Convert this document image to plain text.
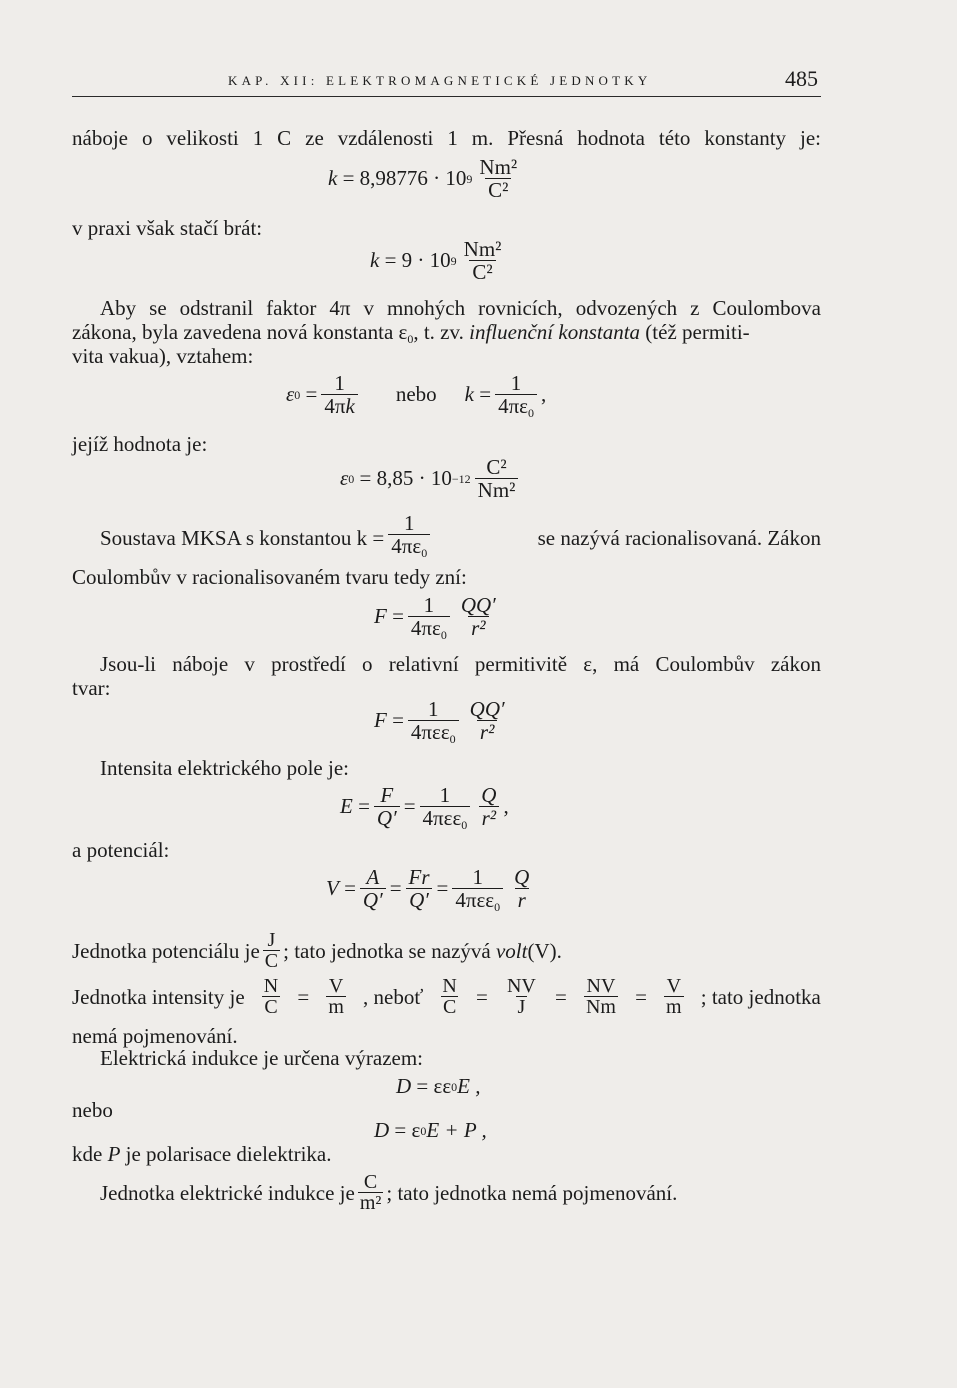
KAP. XII: ELEKTROMAGNETICKÉ JEDNOTKY	485
náboje o velikosti 1 C ze vzdálenosti 1 m. Přesná hodnota této konstanty je:
k
= 8,98776 · 10 $9 \frac{\text{Nm²}}{\text{C²}}$
v praxi však stačí brát:
k
= 9 · 10 $9 \frac{\text{Nm²}}{\text{C²}}$
Aby se odstranil faktor 4π v mnohých rovnicích, odvozených z Coulombova
zákona, byla zavedena nová konstanta $\varepsilon_0$, t. zv. influenční konstanta (též permiti-
vita vakua), vztahem:
ε 0
= $\frac{1}{4\pi k}$ nebo k
= $\frac{1}{4\pi\varepsilon_0}$ ,
jejíž hodnota je:
ε 0
= $8,85 \cdot 10 -12 \frac{\text{C²}}{\text{Nm²}}$
Soustava MKSA s konstantou $k = \frac{1}{4\pi\varepsilon_0}$	se nazývá racionalisovaná. Zákon
Coulombův v racionalisovaném tvaru tedy zní:
F
= $\frac{1}{4\pi\varepsilon_0} \frac{QQ'}{\text{r²}}$
Jsou-li náboje v prostředí o relativní permitivitě ε, má Coulombův zákon
tvar:
F
= $\frac{1}{4\pi\varepsilon\varepsilon_0} \frac{QQ'}{\text{r²}}$
Intensita elektrického pole je:
E
= $\frac{F}{Q'} = \frac{1}{4\pi\varepsilon\varepsilon_0} \frac{Q}{\text{r²}}$ ,
a potenciál:
V
= $\frac{A}{Q'} = \frac{Fr}{Q'} = \frac{1}{4\pi\varepsilon\varepsilon_0} \frac{Q}{r}$
Jednotka potenciálu je $\frac{J}{C}$ ; tato jednotka se nazývá
volt (V).
Jednotka intensity je $\frac{N}{C} = \frac{V}{m}$ , neboť $\frac{N}{C} = \frac{NV}{J} = \frac{NV}{Nm} = \frac{V}{m}$ ; tato jednotka
nemá pojmenování.
Elektrická indukce je určena výrazem:
D
= εε 0 E ,
nebo
D
= ε 0 E + P ,
kde P je polarisace dielektrika.
Jednotka elektrické indukce je $\frac{C}{\text{m²}}$ ; tato jednotka nemá pojmenování.
